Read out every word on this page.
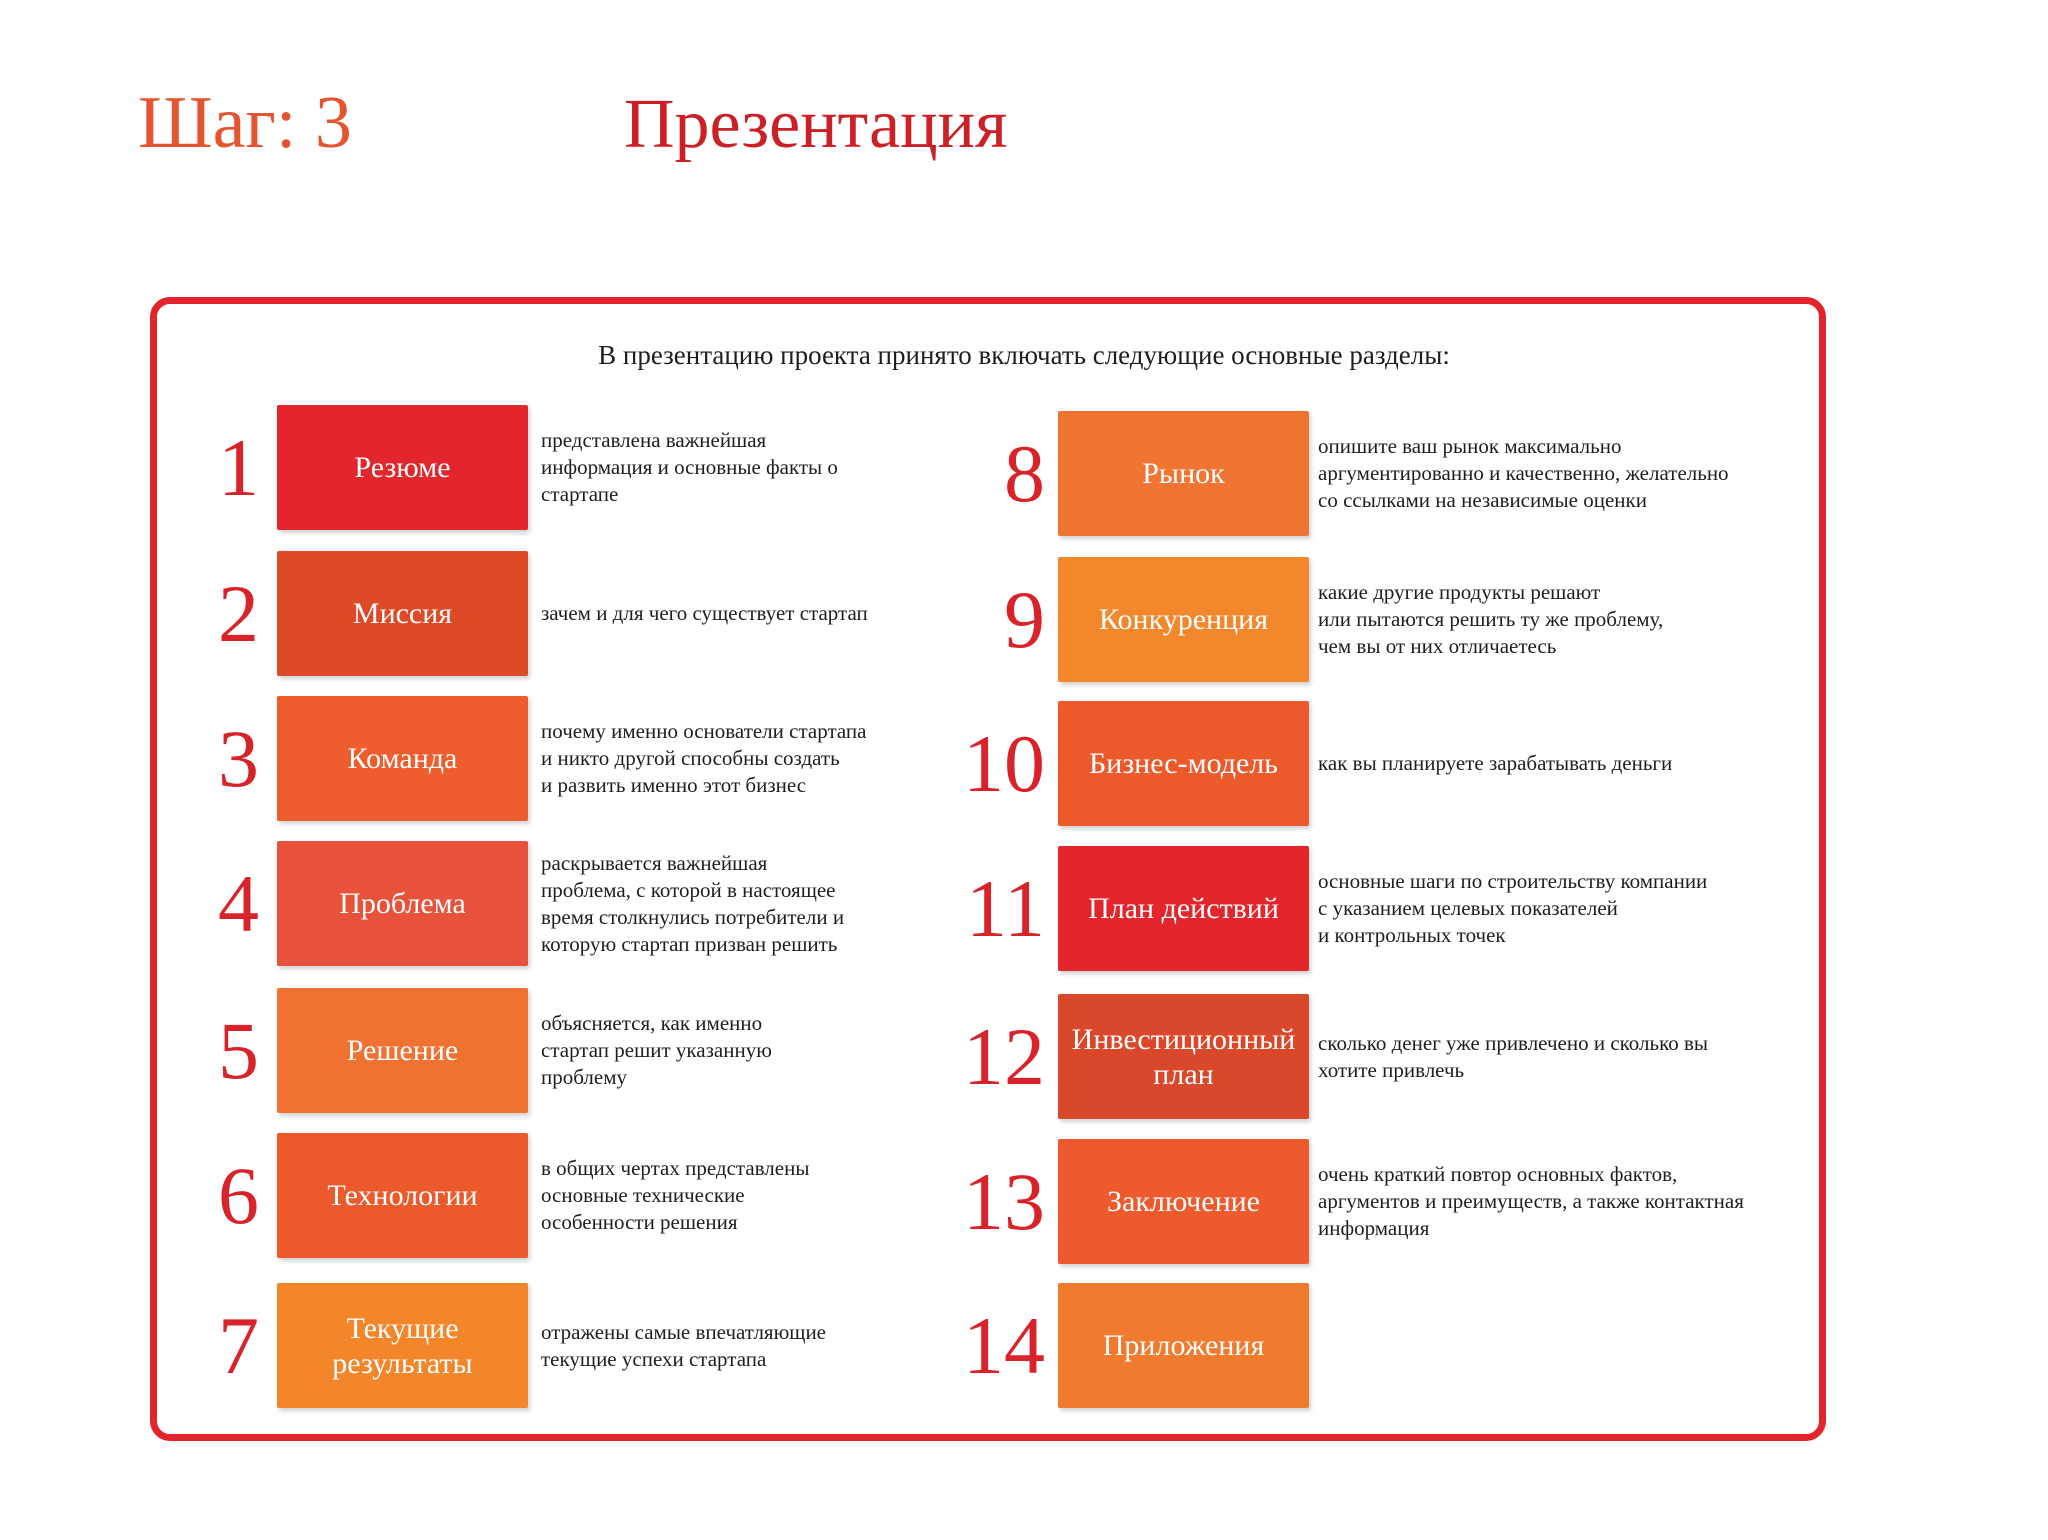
Шаг: 3	Презентация
В презентацию проекта принято включать следующие основные разделы:
1	Резюме
представлена важнейшая
информация и основные факты о
стартапе
2	Миссия	зачем и для чего существует стартап
3	Команда
почему именно основатели стартапа
и никто другой способны создать
и развить именно этот бизнес
4	Проблема
раскрывается важнейшая
проблема, с которой в настоящее
время столкнулись потребители и
которую стартап призван решить
5	Решение
объясняется, как именно
стартап решит указанную
проблему
6	Технологии
в общих чертах представлены
основные технические
особенности решения
7	Текущие результаты
отражены самые впечатляющие
текущие успехи стартапа
8	Рынок
опишите ваш рынок максимально
аргументированно и качественно, желательно
со ссылками на независимые оценки
9	Конкуренция
какие другие продукты решают
или пытаются решить ту же проблему,
чем вы от них отличаетесь
10	Бизнес-модель	как вы планируете зарабатывать деньги
11	План действий
основные шаги по строительству компании
с указанием целевых показателей
и контрольных точек
12 Инвестиционный план
сколько денег уже привлечено и сколько вы
хотите привлечь
13	Заключение
очень краткий повтор основных фактов,
аргументов и преимуществ, а также контактная
информация
14	Приложения
